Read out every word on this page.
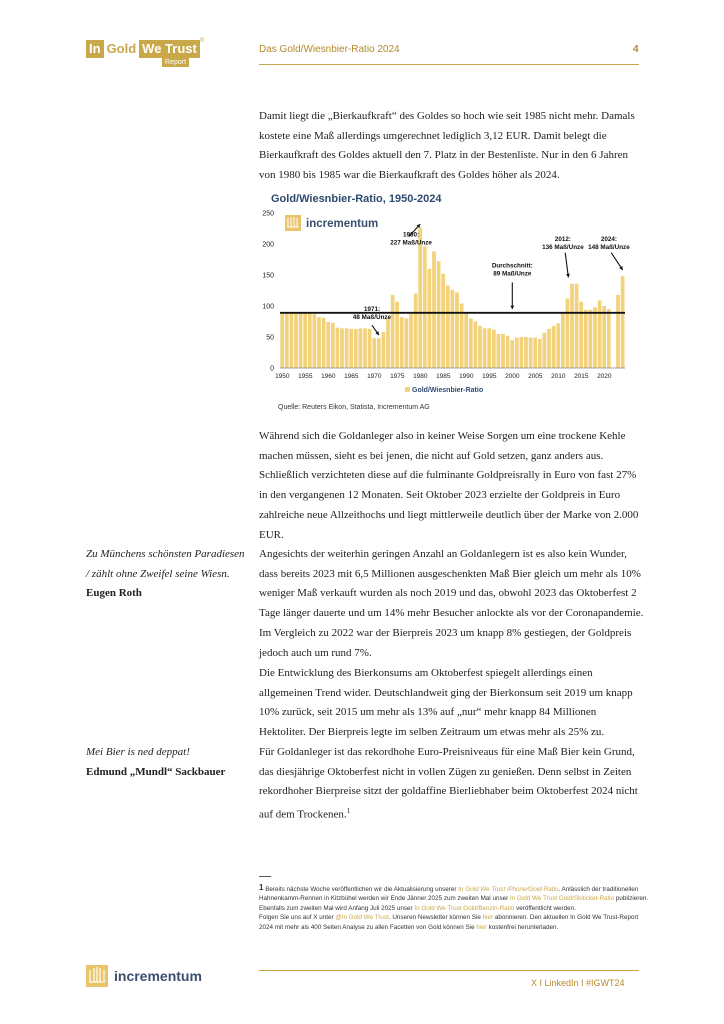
In Gold We Trust ®
Report
Das Gold/Wiesnbier-Ratio 2024	4
Damit liegt die „Bierkaufkraft“ des Goldes so hoch wie seit 1985 nicht mehr. Damals kostete eine Maß allerdings umgerechnet lediglich 3,12 EUR. Damit belegt die Bierkaufkraft des Goldes aktuell den 7. Platz in der Bestenliste. Nur in den 6 Jahren von 1980 bis 1985 war die Bierkaufkraft des Goldes höher als 2024.
Gold/Wiesnbier-Ratio, 1950-2024
0
50
100
150
200
250
1950 1955 1960 1965 1970 1975 1980 1985 1990 1995 2000 2005 2010 2015 2020
1971:
48 Maß/Unze
1980:
227 Maß/Unze
Durchschnitt:
89 Maß/Unze
2012:
136 Maß/Unze
2024:
148 Maß/Unze
incrementum
Gold/Wiesnbier-Ratio
Quelle: Reuters Eikon, Statista, Incrementum AG
Während sich die Goldanleger also in keiner Weise Sorgen um eine trockene Kehle machen müssen, sieht es bei jenen, die nicht auf Gold setzen, ganz anders aus. Schließlich verzichteten diese auf die fulminante Goldpreisrally in Euro von fast 27% in den vergangenen 12 Monaten. Seit Oktober 2023 erzielte der Goldpreis in Euro zahlreiche neue Allzeithochs und liegt mittlerweile deutlich über der Marke von 2.000 EUR.
Zu Münchens schönsten Paradiesen / zählt ohne Zweifel seine Wiesn.
Eugen Roth
Angesichts der weiterhin geringen Anzahl an Goldanlegern ist es also kein Wunder, dass bereits 2023 mit 6,5 Millionen ausgeschenkten Maß Bier gleich um mehr als 10% weniger Maß verkauft wurden als noch 2019 und das, obwohl 2023 das Oktoberfest 2 Tage länger dauerte und um 14% mehr Besucher anlockte als vor der Coronapandemie. Im Vergleich zu 2022 war der Bierpreis 2023 um knapp 8% gestiegen, der Goldpreis jedoch auch um rund 7%.
Die Entwicklung des Bierkonsums am Oktoberfest spiegelt allerdings einen allgemeinen Trend wider. Deutschlandweit ging der Bierkonsum seit 2019 um knapp 10% zurück, seit 2015 um mehr als 13% auf „nur“ mehr knapp 84 Millionen Hektoliter. Der Bierpreis legte im selben Zeitraum um etwas mehr als 25% zu.
Mei Bier is ned deppat!
Edmund „Mundl“ Sackbauer
Für Goldanleger ist das rekordhohe Euro-Preisniveaus für eine Maß Bier kein Grund, das diesjährige Oktoberfest nicht in vollen Zügen zu genießen. Denn selbst in Zeiten rekordhoher Bierpreise sitzt der goldaffine Bierliebhaber beim Oktoberfest 2024 nicht auf dem Trockenen.$^1$
1 Bereits nächste Woche veröffentlichen wir die Aktualisierung unserer In Gold We Trust iPhone/Gold-Ratio. Anlässlich der traditionellen Hahnenkamm-Rennen in Kitzbühel werden wir Ende Jänner 2025 zum zweiten Mal unser In Gold We Trust Gold/Skiticket-Ratio publizieren. Ebenfalls zum zweiten Mal wird Anfang Juli 2025 unser In Gold We Trust Gold/Benzin-Ratio veröffentlicht werden.
Folgen Sie uns auf X unter @In Gold We Trust. Unseren Newsletter können Sie hier abonnieren. Den aktuellen In Gold We Trust-Report 2024 mit mehr als 400 Seiten Analyse zu allen Facetten von Gold können Sie hier kostenfrei herunterladen.
incrementum	X I LinkedIn I #IGWT24
